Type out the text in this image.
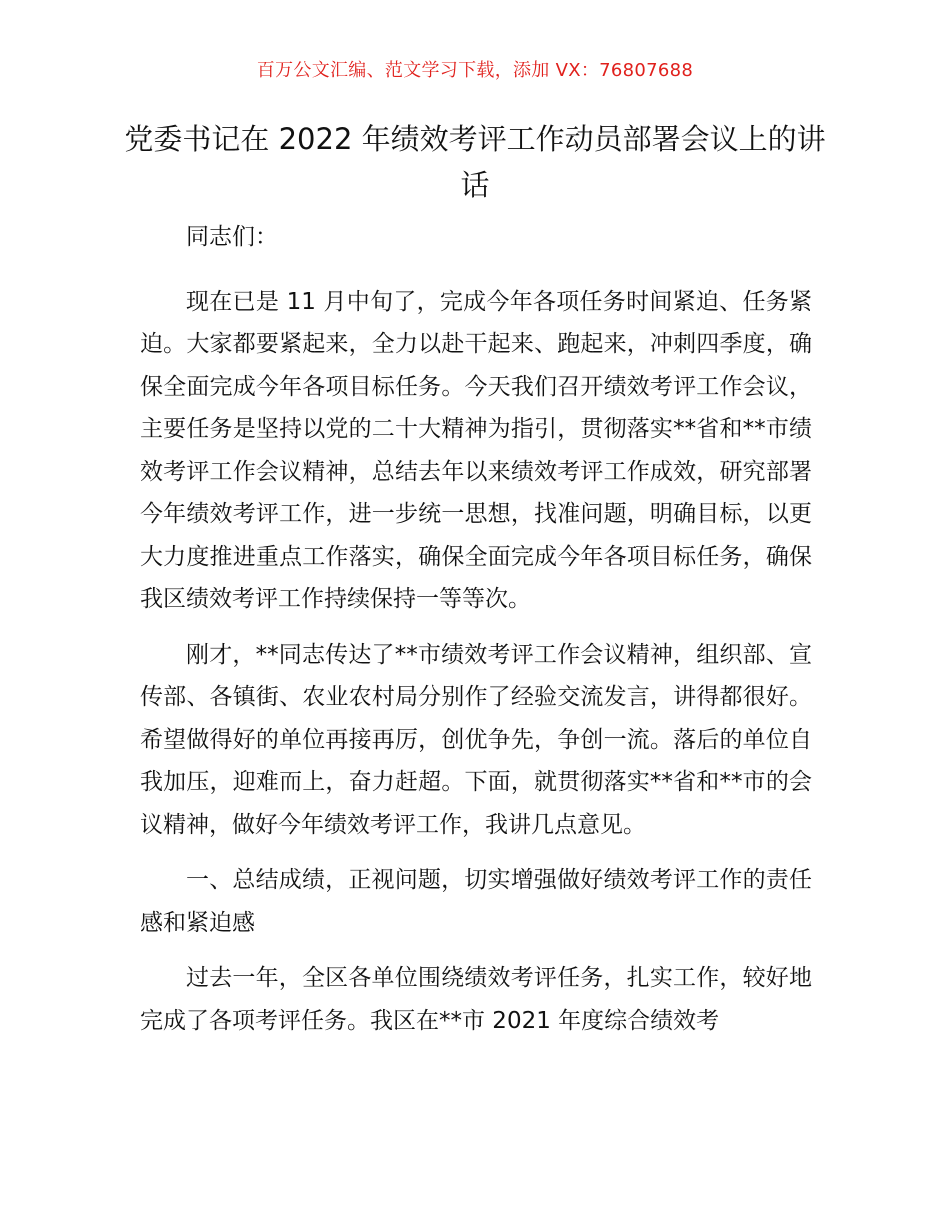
百万公文汇编、范文学习下载，添加 VX：76807688
党委书记在 2022 年绩效考评工作动员部署会议上的讲话

同志们：

现在已是 11 月中旬了，完成今年各项任务时间紧迫、任务紧迫。大家都要紧起来，全力以赴干起来、跑起来，冲刺四季度，确保全面完成今年各项目标任务。今天我们召开绩效考评工作会议，主要任务是坚持以党的二十大精神为指引，贯彻落实**省和**市绩效考评工作会议精神，总结去年以来绩效考评工作成效，研究部署今年绩效考评工作，进一步统一思想，找准问题，明确目标，以更大力度推进重点工作落实，确保全面完成今年各项目标任务，确保我区绩效考评工作持续保持一等等次。

刚才，**同志传达了**市绩效考评工作会议精神，组织部、宣传部、各镇街、农业农村局分别作了经验交流发言，讲得都很好。希望做得好的单位再接再厉，创优争先，争创一流。落后的单位自我加压，迎难而上，奋力赶超。下面，就贯彻落实**省和**市的会议精神，做好今年绩效考评工作，我讲几点意见。

一、总结成绩，正视问题，切实增强做好绩效考评工作的责任感和紧迫感

过去一年，全区各单位围绕绩效考评任务，扎实工作，较好地完成了各项考评任务。我区在**市 2021 年度综合绩效考
